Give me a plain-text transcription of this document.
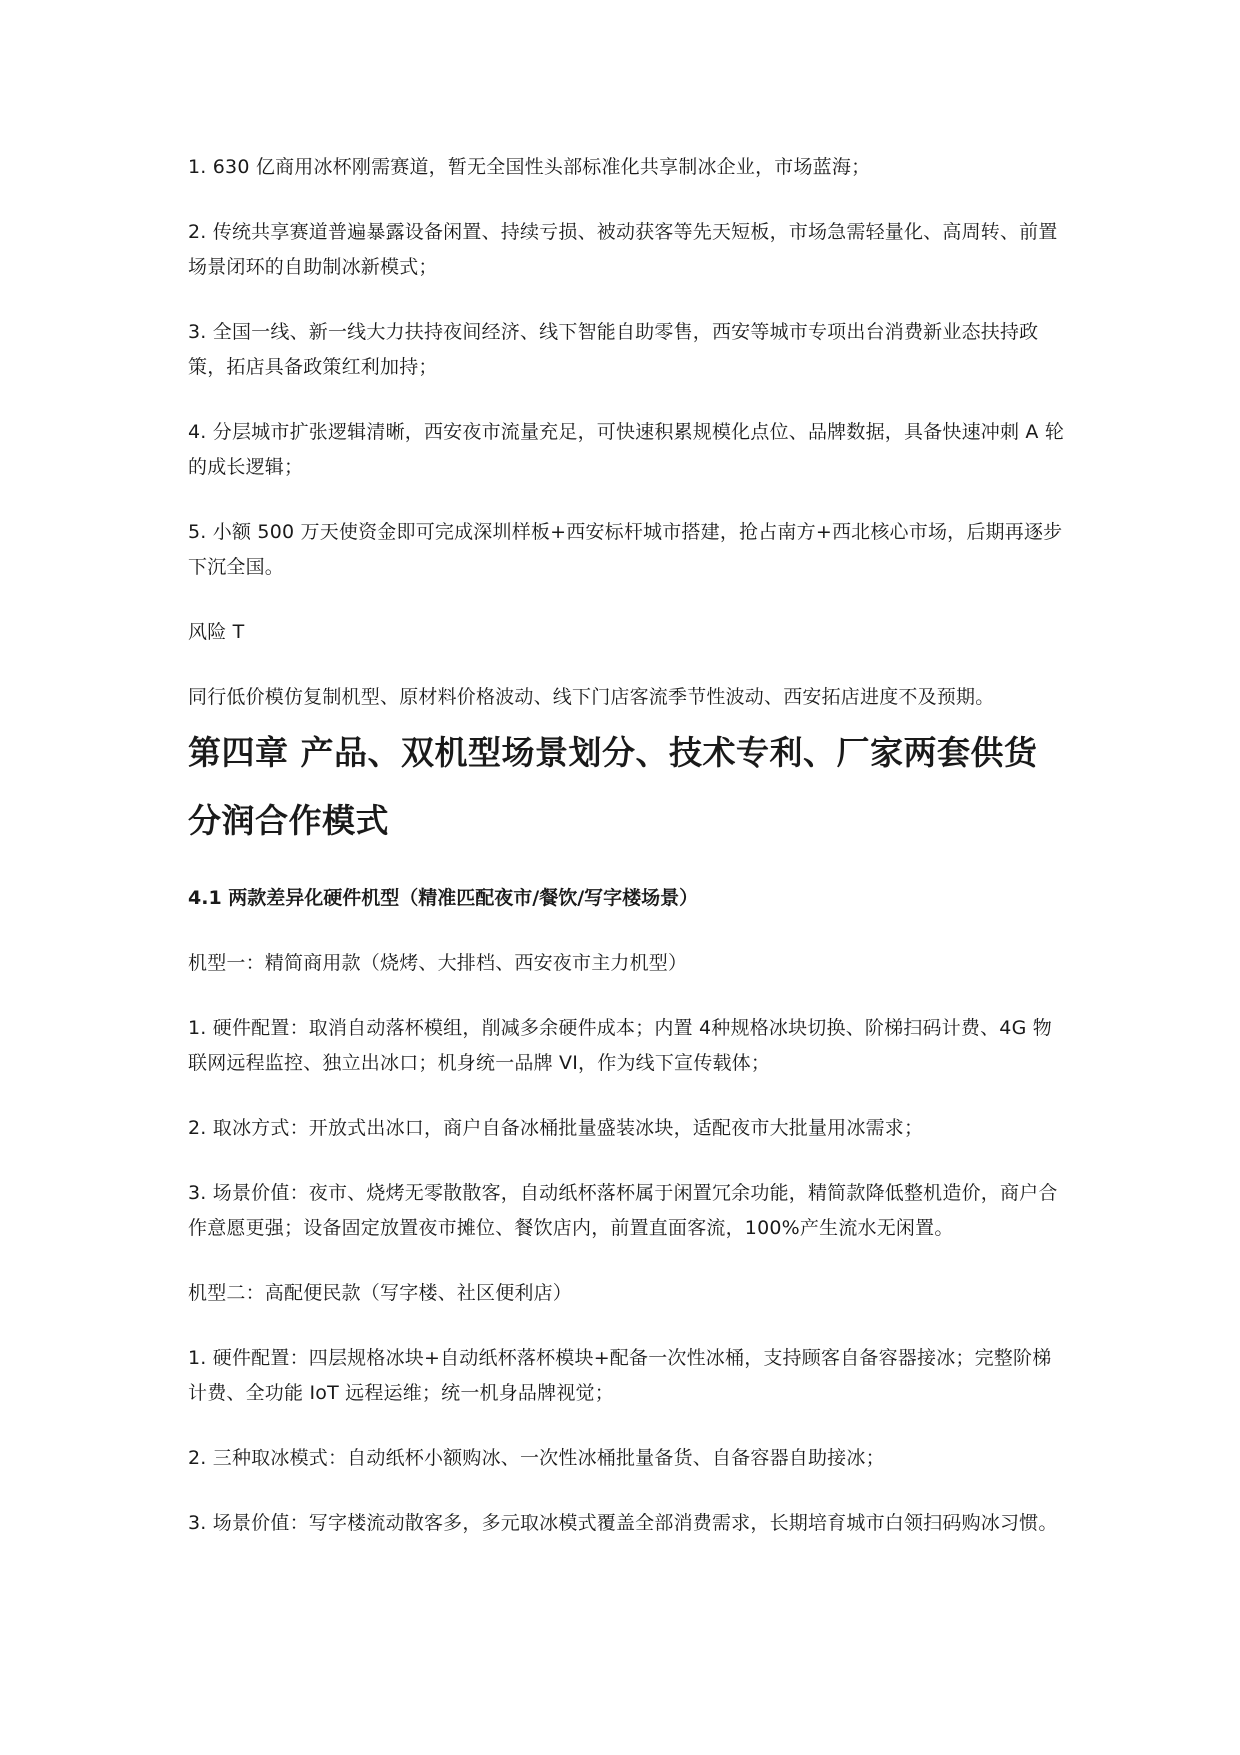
1. 630 亿商用冰杯刚需赛道，暂无全国性头部标准化共享制冰企业，市场蓝海；

2. 传统共享赛道普遍暴露设备闲置、持续亏损、被动获客等先天短板，市场急需轻量化、高周转、前置场景闭环的自助制冰新模式；

3. 全国一线、新一线大力扶持夜间经济、线下智能自助零售，西安等城市专项出台消费新业态扶持政策，拓店具备政策红利加持；

4. 分层城市扩张逻辑清晰，西安夜市流量充足，可快速积累规模化点位、品牌数据，具备快速冲刺 A 轮的成长逻辑；

5. 小额 500 万天使资金即可完成深圳样板+西安标杆城市搭建，抢占南方+西北核心市场，后期再逐步下沉全国。

风险 T

同行低价模仿复制机型、原材料价格波动、线下门店客流季节性波动、西安拓店进度不及预期。

第四章 产品、双机型场景划分、技术专利、厂家两套供货分润合作模式
4.1 两款差异化硬件机型（精准匹配夜市/餐饮/写字楼场景）

机型一：精简商用款（烧烤、大排档、西安夜市主力机型）

1. 硬件配置：取消自动落杯模组，削减多余硬件成本；内置 4种规格冰块切换、阶梯扫码计费、4G 物联网远程监控、独立出冰口；机身统一品牌 VI，作为线下宣传载体；

2. 取冰方式：开放式出冰口，商户自备冰桶批量盛装冰块，适配夜市大批量用冰需求；

3. 场景价值：夜市、烧烤无零散散客，自动纸杯落杯属于闲置冗余功能，精简款降低整机造价，商户合作意愿更强；设备固定放置夜市摊位、餐饮店内，前置直面客流，100%产生流水无闲置。

机型二：高配便民款（写字楼、社区便利店）

1. 硬件配置：四层规格冰块+自动纸杯落杯模块+配备一次性冰桶，支持顾客自备容器接冰；完整阶梯计费、全功能 IoT 远程运维；统一机身品牌视觉；

2. 三种取冰模式：自动纸杯小额购冰、一次性冰桶批量备货、自备容器自助接冰；

3. 场景价值：写字楼流动散客多，多元取冰模式覆盖全部消费需求，长期培育城市白领扫码购冰习惯。
